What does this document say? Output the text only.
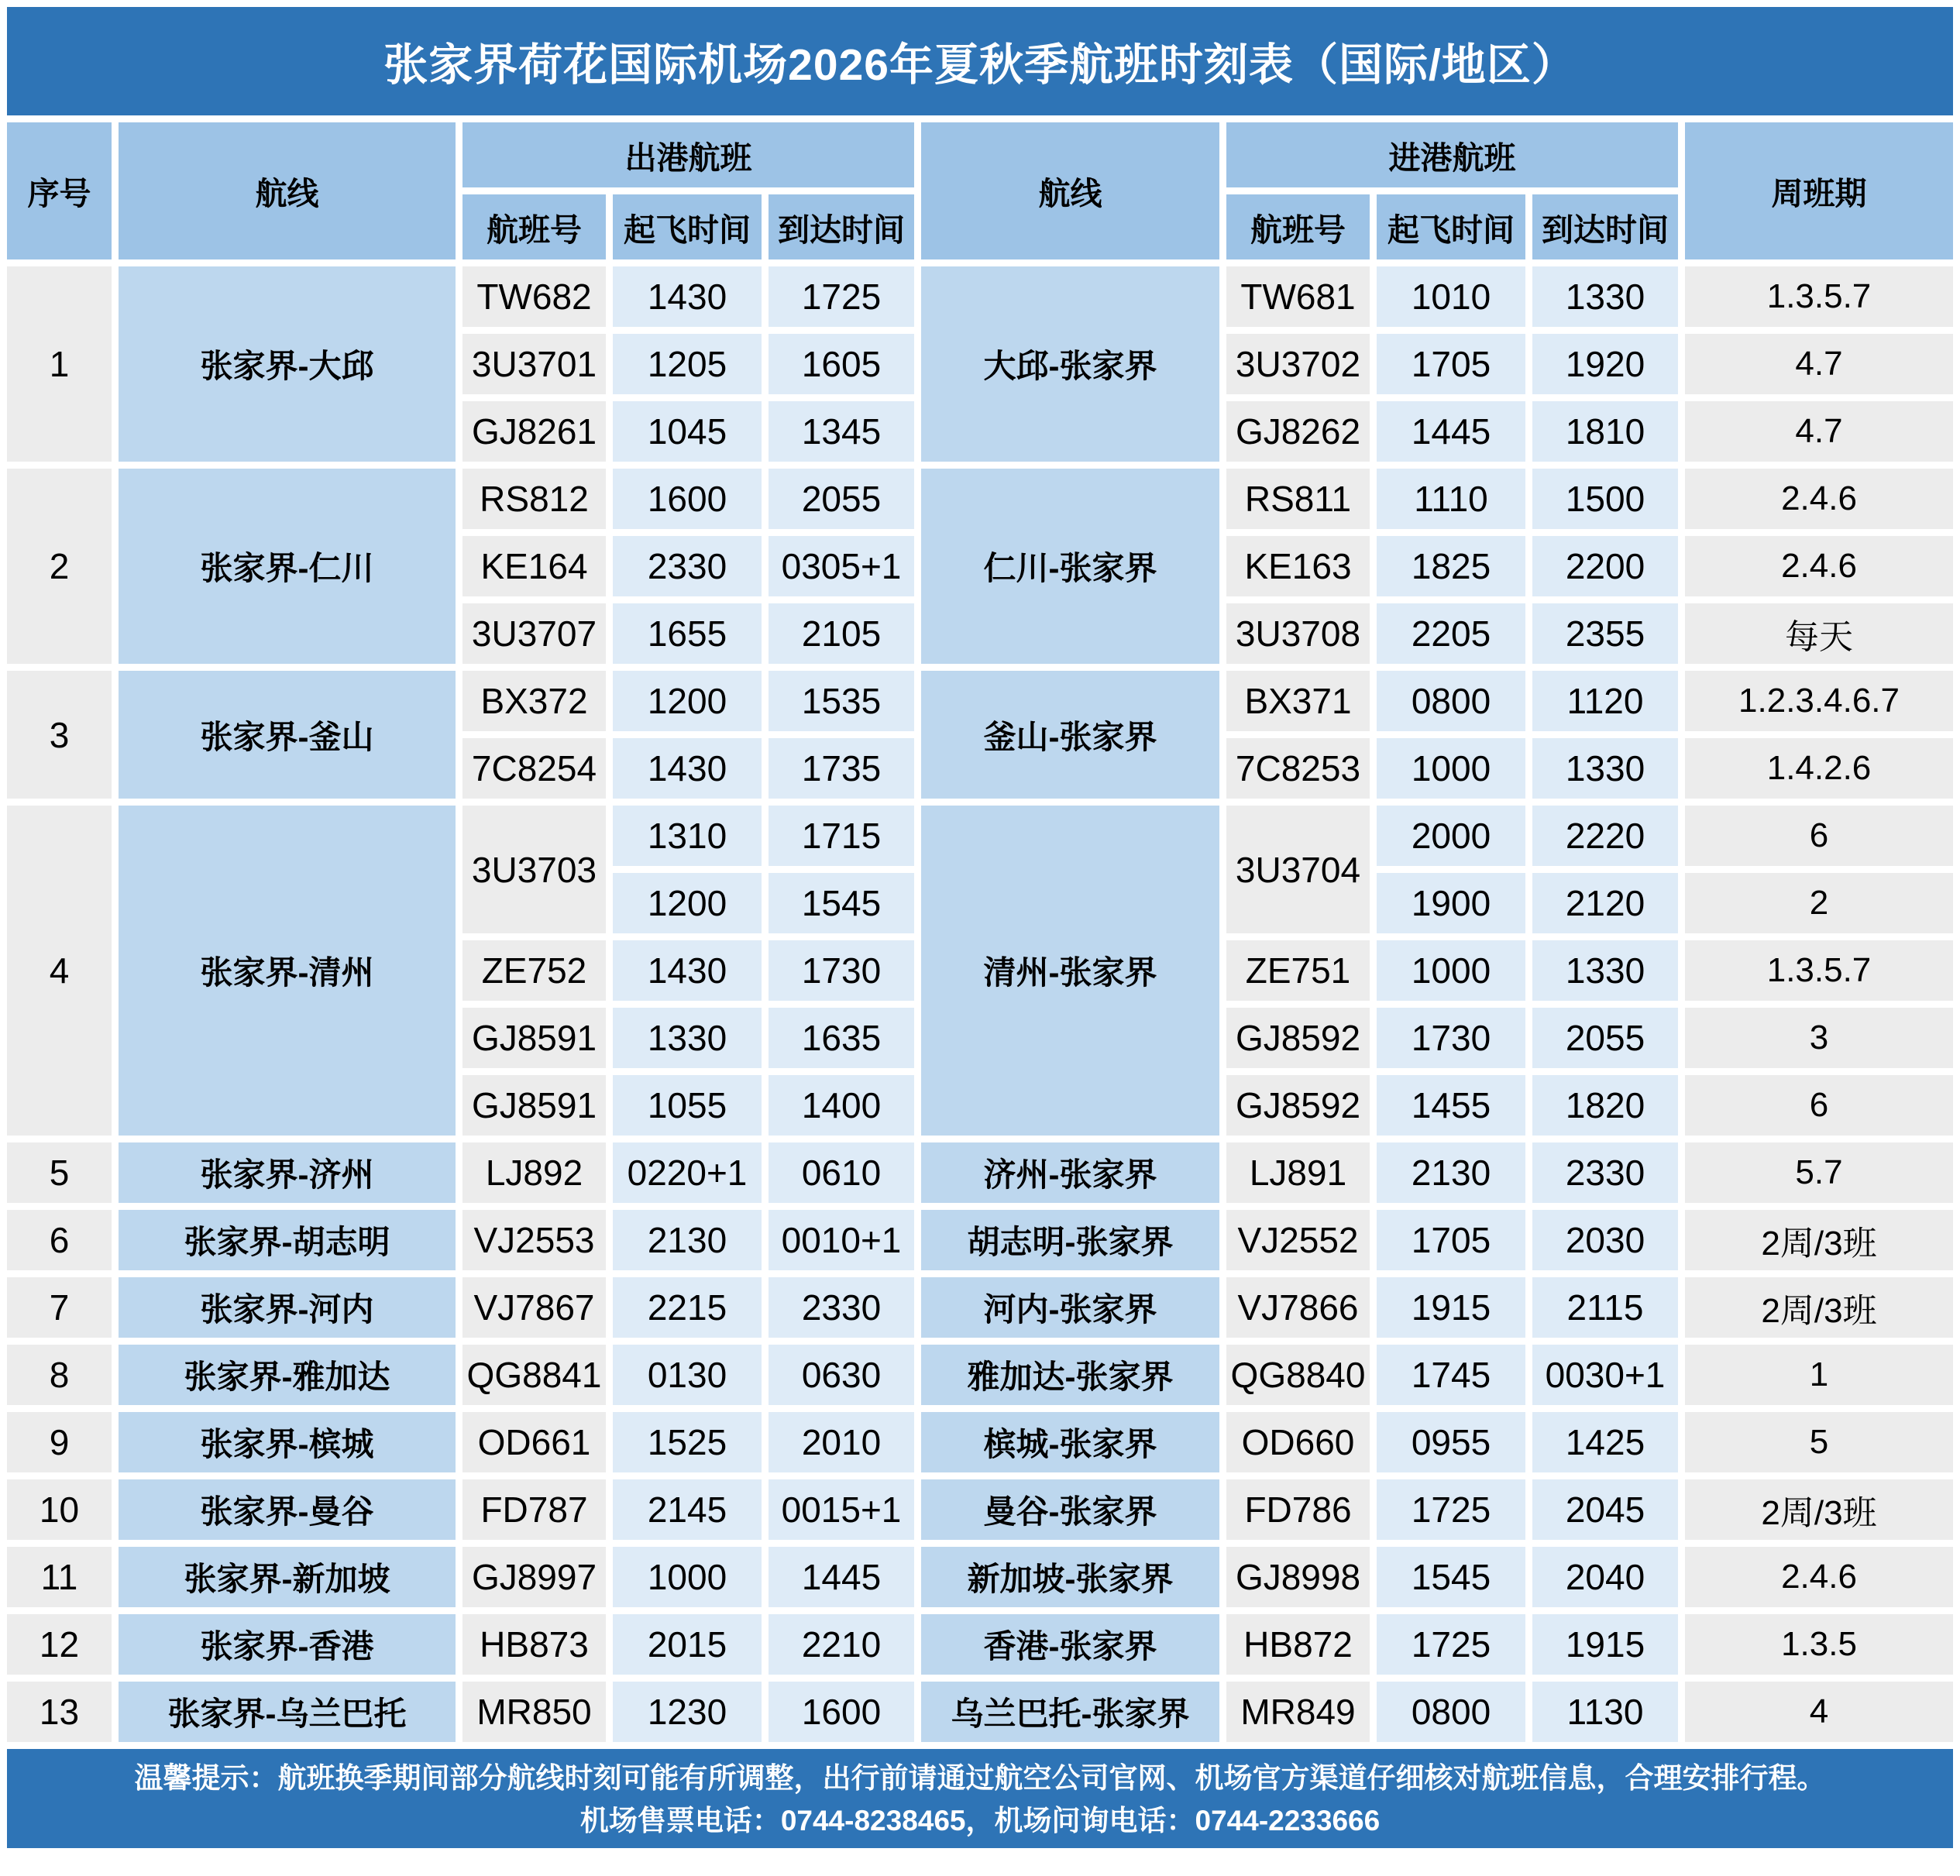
张家界荷花国际机场2026年夏秋季航班时刻表（国际/地区）									
序号	航线	出港航班			航线	进港航班			周班期
		航班号	起飞时间	到达时间		航班号	起飞时间	到达时间	
1	张家界-大邱	TW682	1430	1725	大邱-张家界	TW681	1010	1330	1.3.5.7
		3U3701	1205	1605		3U3702	1705	1920	4.7
		GJ8261	1045	1345		GJ8262	1445	1810	4.7
2	张家界-仁川	RS812	1600	2055	仁川-张家界	RS811	1110	1500	2.4.6
		KE164	2330	0305+1		KE163	1825	2200	2.4.6
		3U3707	1655	2105		3U3708	2205	2355	每天
3	张家界-釜山	BX372	1200	1535	釜山-张家界	BX371	0800	1120	1.2.3.4.6.7
		7C8254	1430	1735		7C8253	1000	1330	1.4.2.6
4	张家界-清州	3U3703	1310	1715	清州-张家界	3U3704	2000	2220	6
			1200	1545			1900	2120	2
		ZE752	1430	1730		ZE751	1000	1330	1.3.5.7
		GJ8591	1330	1635		GJ8592	1730	2055	3
		GJ8591	1055	1400		GJ8592	1455	1820	6
5	张家界-济州	LJ892	0220+1	0610	济州-张家界	LJ891	2130	2330	5.7
6	张家界-胡志明	VJ2553	2130	0010+1	胡志明-张家界	VJ2552	1705	2030	2周/3班
7	张家界-河内	VJ7867	2215	2330	河内-张家界	VJ7866	1915	2115	2周/3班
8	张家界-雅加达	QG8841	0130	0630	雅加达-张家界	QG8840	1745	0030+1	1
9	张家界-槟城	OD661	1525	2010	槟城-张家界	OD660	0955	1425	5
10	张家界-曼谷	FD787	2145	0015+1	曼谷-张家界	FD786	1725	2045	2周/3班
11	张家界-新加坡	GJ8997	1000	1445	新加坡-张家界	GJ8998	1545	2040	2.4.6
12	张家界-香港	HB873	2015	2210	香港-张家界	HB872	1725	1915	1.3.5
13	张家界-乌兰巴托	MR850	1230	1600	乌兰巴托-张家界	MR849	0800	1130	4

温馨提示：航班换季期间部分航线时刻可能有所调整，出行前请通过航空公司官网、机场官方渠道仔细核对航班信息，合理安排行程。
机场售票电话：0744-8238465，机场问询电话：0744-2233666									
